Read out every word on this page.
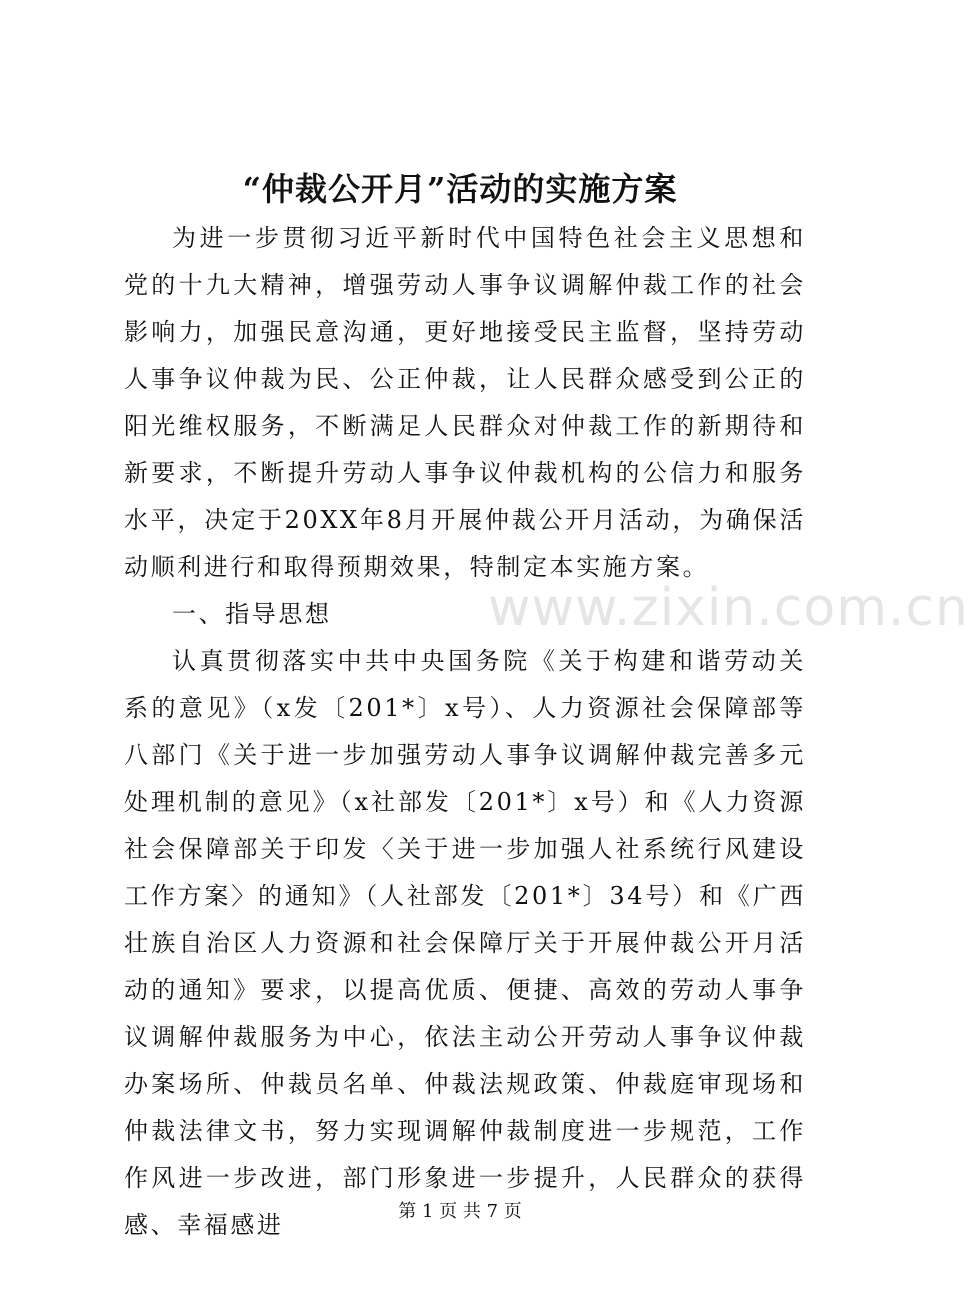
“仲裁公开月”活动的实施方案

为进一步贯彻习近平新时代中国特色社会主义思想和党的十九大精神，增强劳动人事争议调解仲裁工作的社会影响力，加强民意沟通，更好地接受民主监督，坚持劳动人事争议仲裁为民、公正仲裁，让人民群众感受到公正的阳光维权服务，不断满足人民群众对仲裁工作的新期待和新要求，不断提升劳动人事争议仲裁机构的公信力和服务水平，决定于20XX年8月开展仲裁公开月活动，为确保活动顺利进行和取得预期效果，特制定本实施方案。

一、指导思想

认真贯彻落实中共中央国务院《关于构建和谐劳动关系的意见》（x发〔201*〕x号）、人力资源社会保障部等八部门《关于进一步加强劳动人事争议调解仲裁完善多元处理机制的意见》（x社部发〔201*〕x号）和《人力资源社会保障部关于印发〈关于进一步加强人社系统行风建设工作方案〉的通知》（人社部发〔201*〕34号）和《广西壮族自治区人力资源和社会保障厅关于开展仲裁公开月活动的通知》要求，以提高优质、便捷、高效的劳动人事争议调解仲裁服务为中心，依法主动公开劳动人事争议仲裁办案场所、仲裁员名单、仲裁法规政策、仲裁庭审现场和仲裁法律文书，努力实现调解仲裁制度进一步规范，工作作风进一步改进，部门形象进一步提升，人民群众的获得感、幸福感进

www.zixin.com.cn
第 1 页 共 7 页
